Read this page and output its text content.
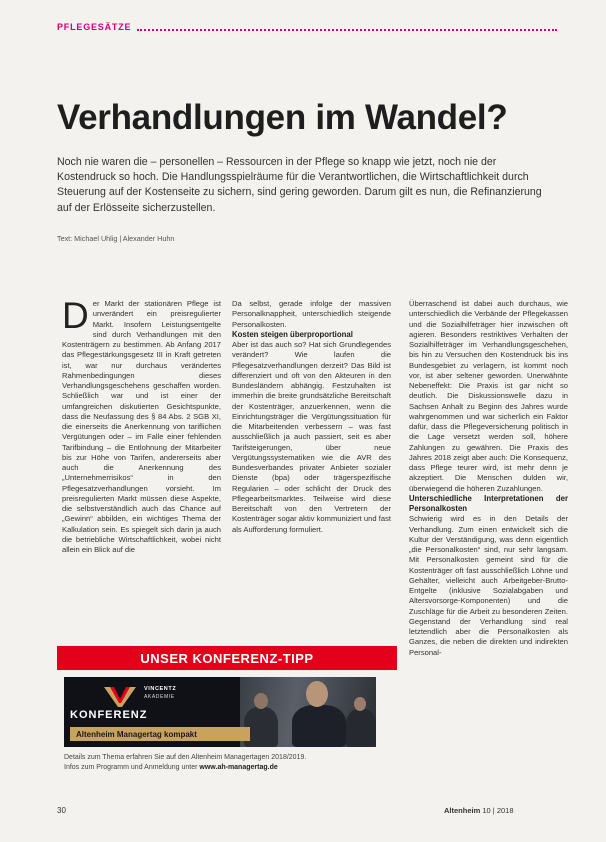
PFLEGESÄTZE
Verhandlungen im Wandel?

Noch nie waren die – personellen – Ressourcen in der Pflege so knapp wie jetzt, noch nie der Kostendruck so hoch. Die Handlungsspielräume für die Verantwortlichen, die Wirtschaftlichkeit durch Steuerung auf der Kostenseite zu sichern, sind gering geworden. Darum gilt es nun, die Refinanzierung auf der Erlösseite sicherzustellen.

Text: Michael Uhlig | Alexander Huhn

D er Markt der stationären Pflege ist unverändert ein preisregulierter Markt. Insofern Leistungsentgelte sind durch Verhandlungen mit den Kostenträgern zu bestimmen. Ab Anfang 2017 das Pflegestärkungsgesetz III in Kraft getreten ist, war nur durchaus verändertes Rahmenbedingungen dieses Verhandlungsgeschehens geschaffen worden. Schließlich war und ist einer der umfangreichen diskutierten Gesichtspunkte, dass die Neufassung des § 84 Abs. 2 SGB XI, die einerseits die Anerkennung von tariflichen Vergütungen oder – im Falle einer fehlenden Tarifbindung – die Entlohnung der Mitarbeiter bis zur Höhe von Tarifen, andererseits aber auch die Anerkennung des „Unternehmerrisikos“ in den Pflegesatzverhandlungen vorsieht. Im preisregulierten Markt müssen diese Aspekte, die selbstverständlich auch das Chance auf „Gewinn“ abbilden, ein wichtiges Thema der Kalkulation sein. Es spiegelt sich darin ja auch die betriebliche Wirtschaftlichkeit, wobei nicht allein ein Blick auf die

Da selbst, gerade infolge der massiven Personalknappheit, unterschiedlich steigende Personalkosten.

Kosten steigen überproportional

Aber ist das auch so? Hat sich Grundlegendes verändert? Wie laufen die Pflegesatzverhandlungen derzeit? Das Bild ist differenziert und oft von den Akteuren in den Bundesländern abhängig. Festzuhalten ist immerhin die breite grundsätzliche Bereitschaft der Kostenträger, anzuerkennen, wenn die Einrichtungsträger die Vergütungssituation für die Mitarbeitenden verbessern – was fast ausschließlich ja auch passiert, seit es aber Tarifsteigerungen, über neue Vergütungssystematiken wie die AVR des Bundesverbandes privater Anbieter sozialer Dienste (bpa) oder trägerspezifische Regularien – oder schlicht der Druck des Pflegearbeitsmarktes. Teilweise wird diese Bereitschaft von den Vertretern der Kostenträger sogar aktiv kommuniziert und fast als Aufforderung formuliert.

Überraschend ist dabei auch durchaus, wie unterschiedlich die Verbände der Pflegekassen und die Sozialhilfeträger hier inzwischen oft agieren. Besonders restriktives Verhalten der Sozialhilfeträger im Verhandlungsgeschehen, bis hin zu Versuchen den Kostendruck bis ins Bundesgebiet zu verlagern, ist kommt noch vor, ist aber seltener geworden. Unerwähnte Nebeneffekt: Die Praxis ist gar nicht so deutlich. Die Diskussionswelle dazu in Sachsen Anhalt zu Beginn des Jahres wurde wahrgenommen und war sicherlich ein Faktor dafür, dass die Pflegeversicherung politisch in die Lage versetzt werden soll, höhere Zahlungen zu gewähren. Die Praxis des Jahres 2018 zeigt aber auch: Die Konsequenz, dass Pflege teurer wird, ist mehr denn je akzeptiert. Die Menschen dulden wir, überwiegend die höheren Zuzahlungen.

Unterschiedliche Interpretationen der Personalkosten

Schwierig wird es in den Details der Verhandlung. Zum einen entwickelt sich die Kultur der Verständigung, was denn eigentlich „die Personalkosten“ sind, nur sehr langsam. Mit Personalkosten gemeint sind für die Kostenträger oft fast ausschließlich Löhne und Gehälter, vielleicht auch Arbeitgeber-Brutto-Entgelte (inklusive Sozialabgaben und Altersvorsorge-Komponenten) und die Zuschläge für die Arbeit zu besonderen Zeiten. Gegenstand der Verhandlung sind real letztendlich aber die Personalkosten als Ganzes, die neben die direkten und indirekten Personal-

UNSER KONFERENZ-TIPP
VINCENTZ
AKADEMIE
KONFERENZ
Altenheim Managertag kompakt

Details zum Thema erfahren Sie auf den Altenheim Managertagen 2018/2019.
Infos zum Programm und Anmeldung unter www.ah-managertag.de

30	Altenheim 10 | 2018
